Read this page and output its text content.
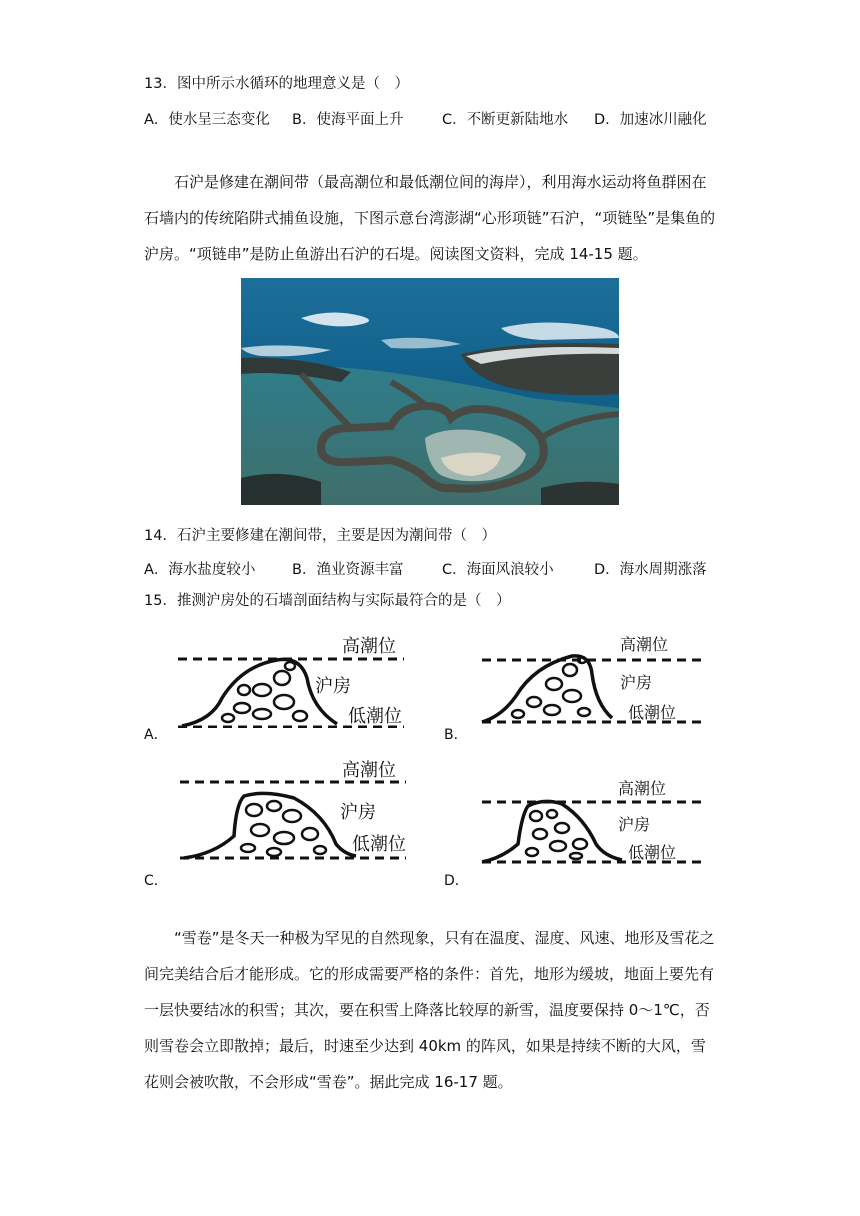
13．图中所示水循环的地理意义是（　）
A．使水呈三态变化 B．使海平面上升	C．不断更新陆地水 D．加速冰川融化
石沪是修建在潮间带（最高潮位和最低潮位间的海岸），利用海水运动将鱼群困在石墙内的传统陷阱式捕鱼设施，下图示意台湾澎湖“心形项链”石沪，“项链坠”是集鱼的沪房。“项链串”是防止鱼游出石沪的石堤。阅读图文资料，完成 14-15 题。
14．石沪主要修建在潮间带，主要是因为潮间带（　）
A．海水盐度较小	B．渔业资源丰富	C．海面风浪较小	D．海水周期涨落
15．推测沪房处的石墙剖面结构与实际最符合的是（　）
高潮位
沪房
低潮位
A．
高潮位
沪房
低潮位
B．
高潮位
沪房
低潮位
C．
高潮位
沪房
低潮位
D．
“雪卷”是冬天一种极为罕见的自然现象，只有在温度、湿度、风速、地形及雪花之间完美结合后才能形成。它的形成需要严格的条件：首先，地形为缓坡，地面上要先有一层快要结冰的积雪；其次，要在积雪上降落比较厚的新雪，温度要保持 0～1℃，否则雪卷会立即散掉；最后，时速至少达到 40km 的阵风，如果是持续不断的大风，雪花则会被吹散，不会形成“雪卷”。据此完成 16-17 题。
